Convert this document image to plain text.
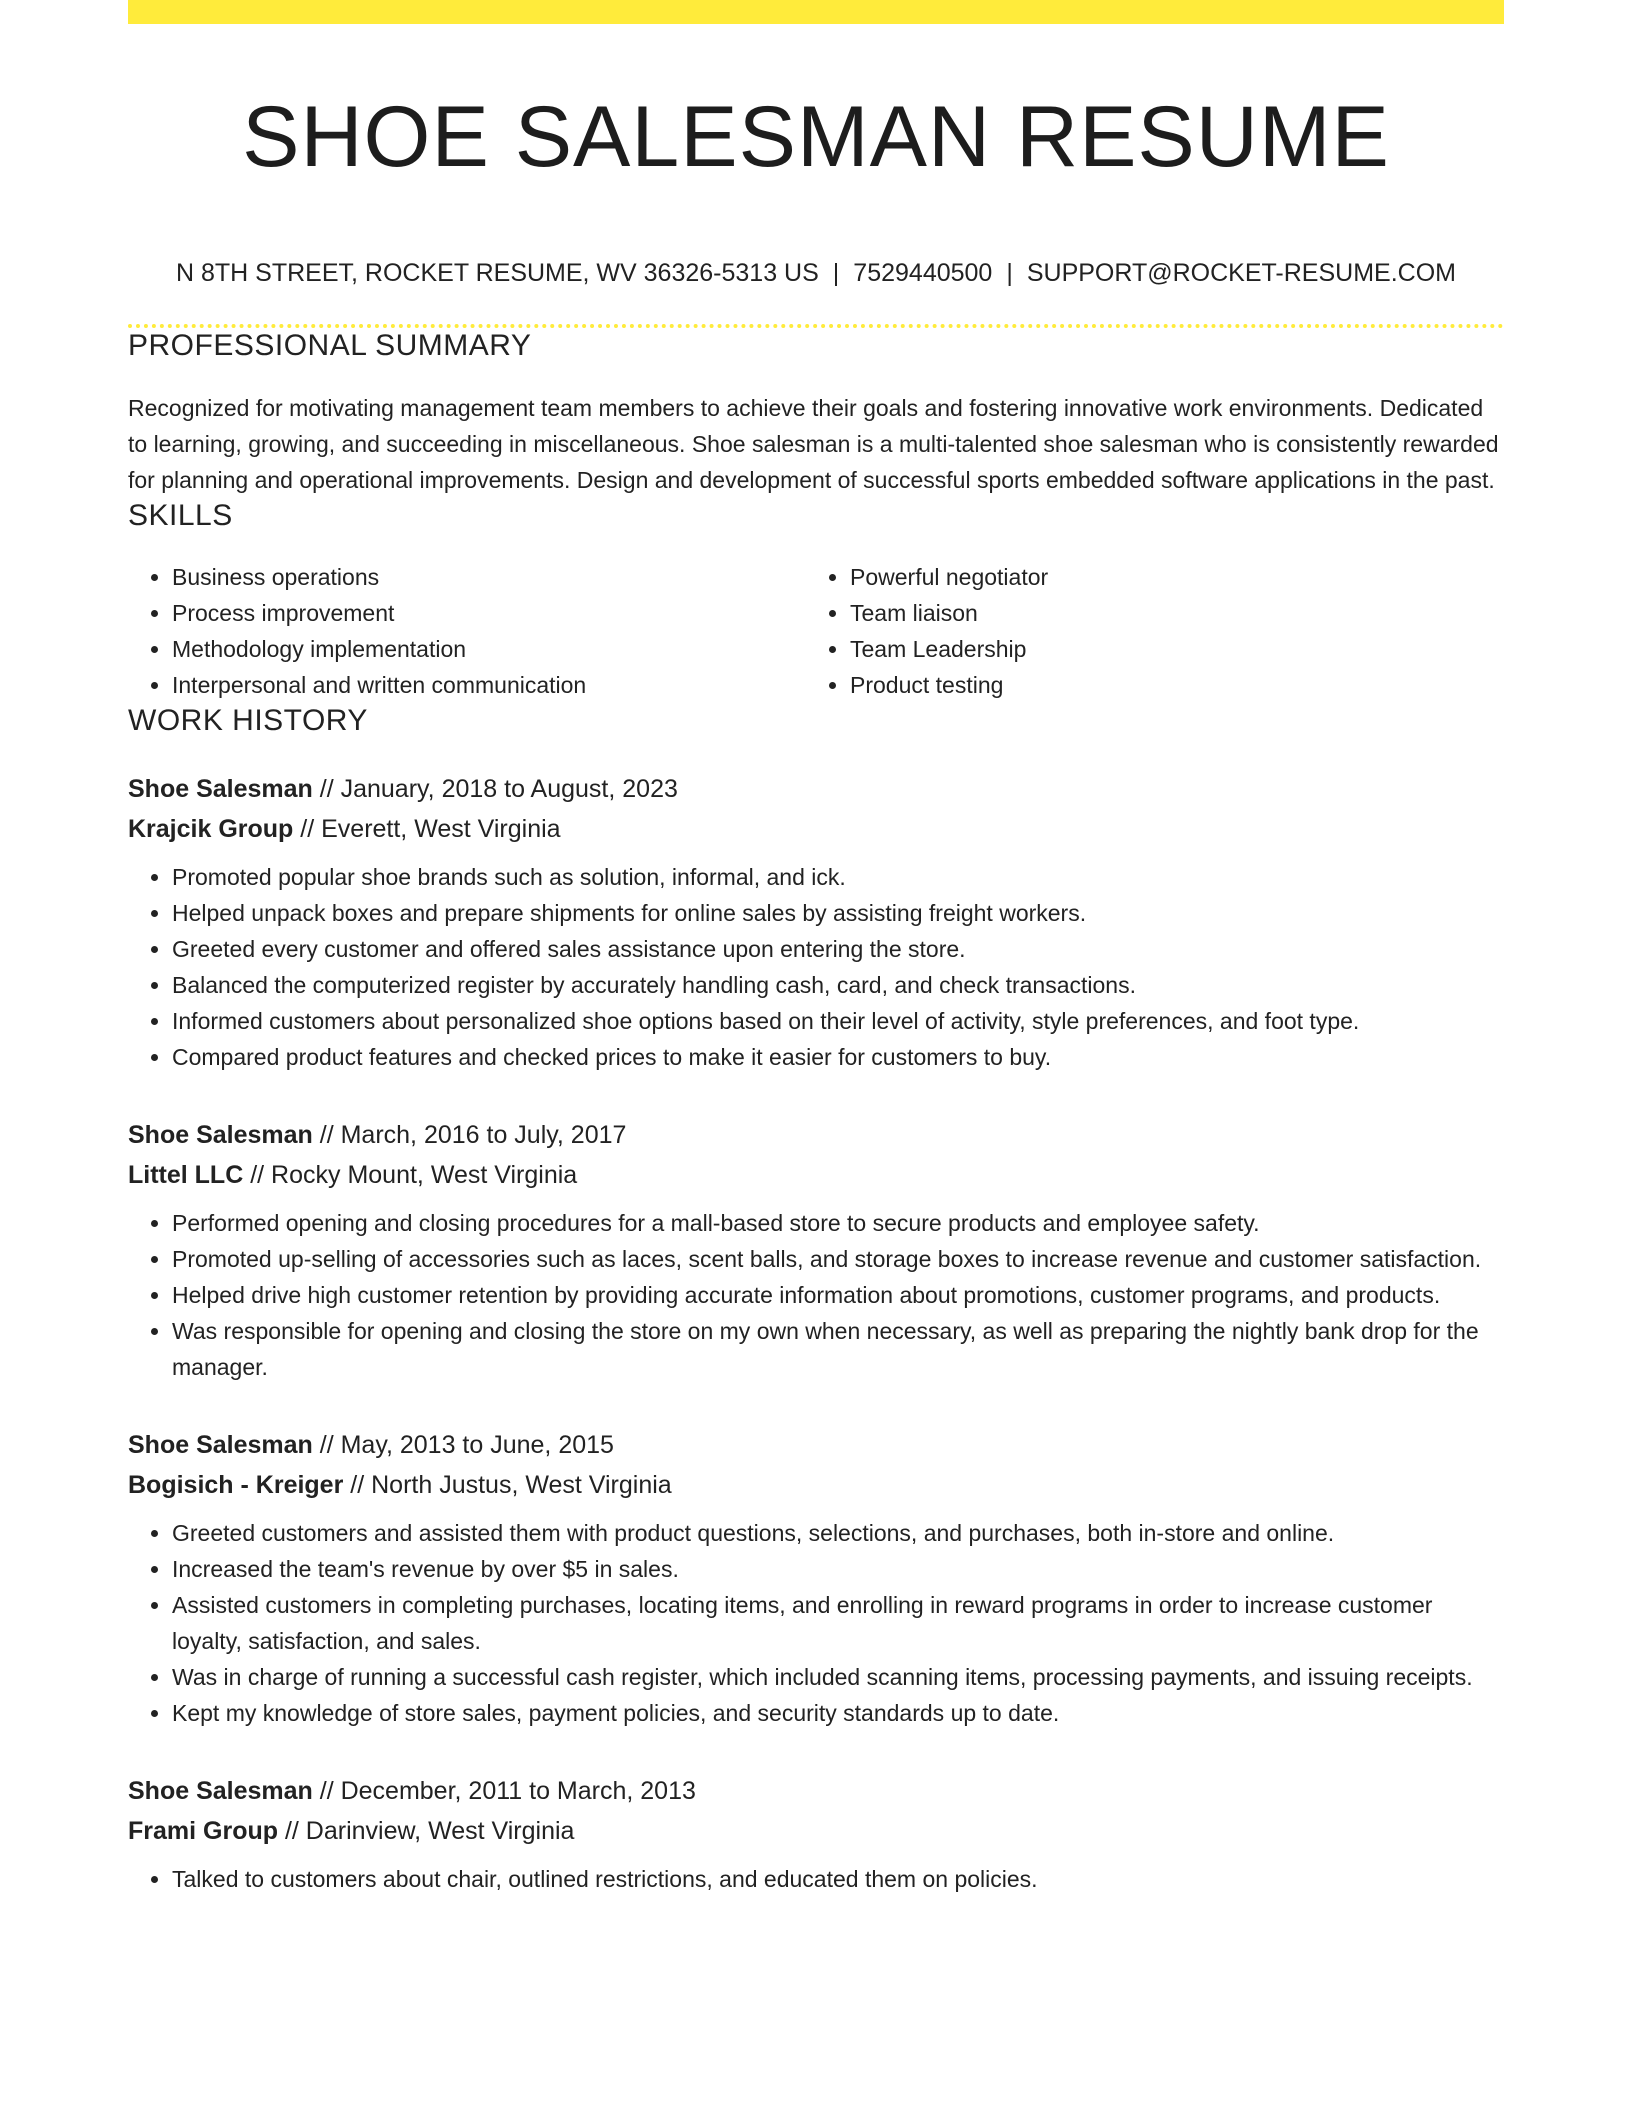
SHOE SALESMAN RESUME
N 8TH STREET, ROCKET RESUME, WV 36326-5313 US | 7529440500 | SUPPORT@ROCKET-RESUME.COM
PROFESSIONAL SUMMARY

Recognized for motivating management team members to achieve their goals and fostering innovative work environments. Dedicated to learning, growing, and succeeding in miscellaneous. Shoe salesman is a multi-talented shoe salesman who is consistently rewarded for planning and operational improvements. Design and development of successful sports embedded software applications in the past.

SKILLS
• Business operations
• Process improvement
• Methodology implementation
• Interpersonal and written communication
• Powerful negotiator
• Team liaison
• Team Leadership
• Product testing
WORK HISTORY
Shoe Salesman // January, 2018 to August, 2023
Krajcik Group // Everett, West Virginia
• Promoted popular shoe brands such as solution, informal, and ick.
• Helped unpack boxes and prepare shipments for online sales by assisting freight workers.
• Greeted every customer and offered sales assistance upon entering the store.
• Balanced the computerized register by accurately handling cash, card, and check transactions.
• Informed customers about personalized shoe options based on their level of activity, style preferences, and foot type.
• Compared product features and checked prices to make it easier for customers to buy.
Shoe Salesman // March, 2016 to July, 2017
Littel LLC // Rocky Mount, West Virginia
• Performed opening and closing procedures for a mall-based store to secure products and employee safety.
• Promoted up-selling of accessories such as laces, scent balls, and storage boxes to increase revenue and customer satisfaction.
• Helped drive high customer retention by providing accurate information about promotions, customer programs, and products.
• Was responsible for opening and closing the store on my own when necessary, as well as preparing the nightly bank drop for the manager.
Shoe Salesman // May, 2013 to June, 2015
Bogisich - Kreiger // North Justus, West Virginia
• Greeted customers and assisted them with product questions, selections, and purchases, both in-store and online.
• Increased the team's revenue by over $5 in sales.
• Assisted customers in completing purchases, locating items, and enrolling in reward programs in order to increase customer loyalty, satisfaction, and sales.
• Was in charge of running a successful cash register, which included scanning items, processing payments, and issuing receipts.
• Kept my knowledge of store sales, payment policies, and security standards up to date.
Shoe Salesman // December, 2011 to March, 2013
Frami Group // Darinview, West Virginia
• Talked to customers about chair, outlined restrictions, and educated them on policies.
